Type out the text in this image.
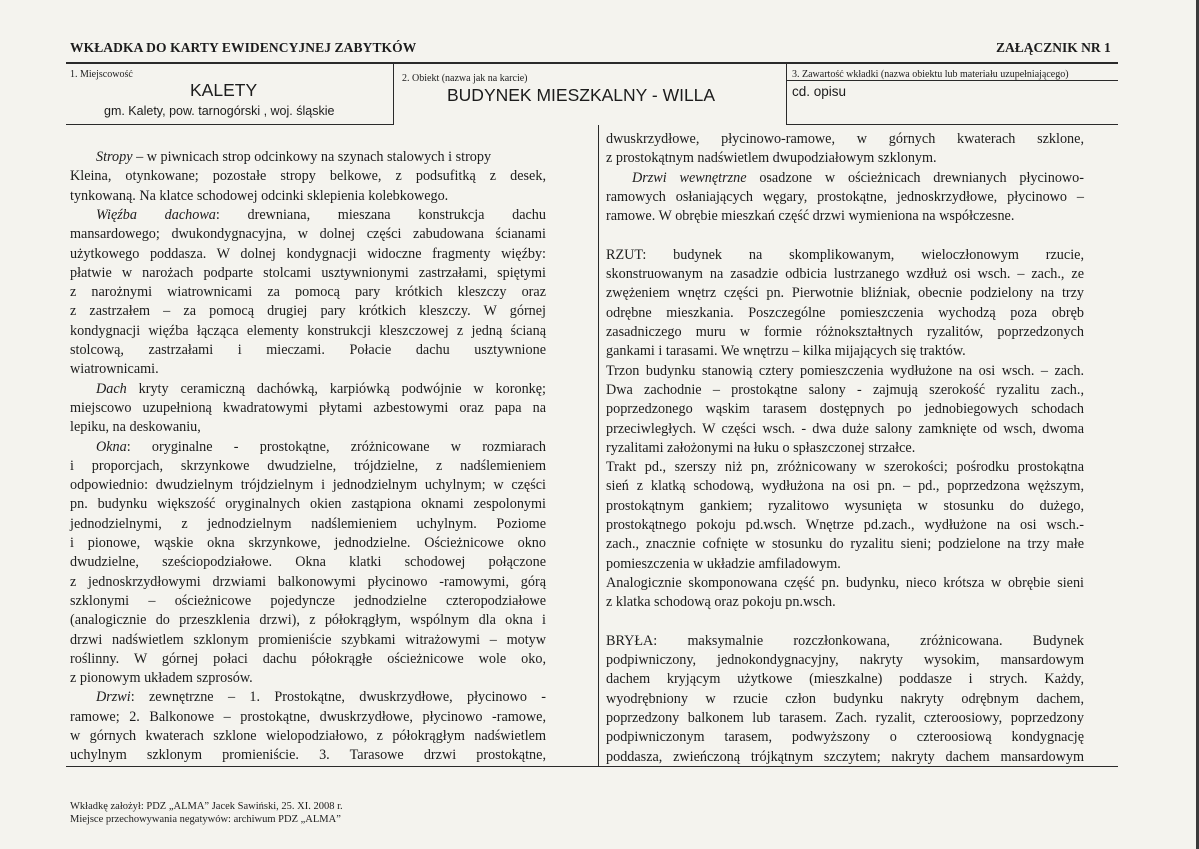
WKŁADKA DO KARTY EWIDENCYJNEJ ZABYTKÓW	ZAŁĄCZNIK NR 1
1. Miejscowość
KALETY
gm. Kalety, pow. tarnogórski , woj. śląskie
2. Obiekt (nazwa jak na karcie)
BUDYNEK MIESZKALNY - WILLA
3. Zawartość wkładki (nazwa obiektu lub materiału uzupełniającego)
cd. opisu
Stropy – w piwnicach strop odcinkowy na szynach stalowych i stropy
Kleina, otynkowane; pozostałe stropy belkowe, z podsufitką z desek,
tynkowaną. Na klatce schodowej odcinki sklepienia kolebkowego.
Więźba dachowa: drewniana, mieszana konstrukcja dachu
mansardowego; dwukondygnacyjna, w dolnej części zabudowana ścianami
użytkowego poddasza. W dolnej kondygnacji widoczne fragmenty więźby:
płatwie w narożach podparte stolcami usztywnionymi zastrzałami, spiętymi
z narożnymi wiatrownicami za pomocą pary krótkich kleszczy oraz
z zastrzałem – za pomocą drugiej pary krótkich kleszczy. W górnej
kondygnacji więźba łącząca elementy konstrukcji kleszczowej z jedną ścianą
stolcową, zastrzałami i mieczami. Połacie dachu usztywnione
wiatrownicami.
Dach kryty ceramiczną dachówką, karpiówką podwójnie w koronkę;
miejscowo uzupełnioną kwadratowymi płytami azbestowymi oraz papa na
lepiku, na deskowaniu,
Okna: oryginalne - prostokątne, zróżnicowane w rozmiarach
i proporcjach, skrzynkowe dwudzielne, trójdzielne, z nadślemieniem
odpowiednio: dwudzielnym trójdzielnym i jednodzielnym uchylnym; w części
pn. budynku większość oryginalnych okien zastąpiona oknami zespolonymi
jednodzielnymi, z jednodzielnym nadślemieniem uchylnym. Poziome
i pionowe, wąskie okna skrzynkowe, jednodzielne. Ościeżnicowe okno
dwudzielne, sześciopodziałowe. Okna klatki schodowej połączone
z jednoskrzydłowymi drzwiami balkonowymi płycinowo -ramowymi, górą
szklonymi – ościeżnicowe pojedyncze jednodzielne czteropodziałowe
(analogicznie do przeszklenia drzwi), z półokrągłym, wspólnym dla okna i
drzwi nadświetlem szklonym promieniście szybkami witrażowymi – motyw
roślinny. W górnej połaci dachu półokrągłe ościeżnicowe wole oko,
z pionowym układem szprosów.
Drzwi: zewnętrzne – 1. Prostokątne, dwuskrzydłowe, płycinowo -
ramowe; 2. Balkonowe – prostokątne, dwuskrzydłowe, płycinowo -ramowe,
w górnych kwaterach szklone wielopodziałowo, z półokrągłym nadświetlem
uchylnym szklonym promieniście. 3. Tarasowe drzwi prostokątne,
dwuskrzydłowe, płycinowo-ramowe, w górnych kwaterach szklone,
z prostokątnym nadświetlem dwupodziałowym szklonym.
Drzwi wewnętrzne osadzone w ościeżnicach drewnianych płycinowo-
ramowych osłaniających węgary, prostokątne, jednoskrzydłowe, płycinowo –
ramowe. W obrębie mieszkań część drzwi wymieniona na współczesne.
RZUT: budynek na skomplikowanym, wieloczłonowym rzucie,
skonstruowanym na zasadzie odbicia lustrzanego wzdłuż osi wsch. – zach., ze
zwężeniem wnętrz części pn. Pierwotnie bliźniak, obecnie podzielony na trzy
odrębne mieszkania. Poszczególne pomieszczenia wychodzą poza obręb
zasadniczego muru w formie różnokształtnych ryzalitów, poprzedzonych
gankami i tarasami. We wnętrzu – kilka mijających się traktów.
Trzon budynku stanowią cztery pomieszczenia wydłużone na osi wsch. – zach.
Dwa zachodnie – prostokątne salony - zajmują szerokość ryzalitu zach.,
poprzedzonego wąskim tarasem dostępnych po jednobiegowych schodach
przeciwległych. W części wsch. - dwa duże salony zamknięte od wsch, dwoma
ryzalitami założonymi na łuku o spłaszczonej strzałce.
Trakt pd., szerszy niż pn, zróżnicowany w szerokości; pośrodku prostokątna
sień z klatką schodową, wydłużona na osi pn. – pd., poprzedzona węższym,
prostokątnym gankiem; ryzalitowo wysunięta w stosunku do dużego,
prostokątnego pokoju pd.wsch. Wnętrze pd.zach., wydłużone na osi wsch.-
zach., znacznie cofnięte w stosunku do ryzalitu sieni; podzielone na trzy małe
pomieszczenia w układzie amfiladowym.
Analogicznie skomponowana część pn. budynku, nieco krótsza w obrębie sieni
z klatka schodową oraz pokoju pn.wsch.
BRYŁA: maksymalnie rozczłonkowana, zróżnicowana. Budynek
podpiwniczony, jednokondygnacyjny, nakryty wysokim, mansardowym
dachem kryjącym użytkowe (mieszkalne) poddasze i strych. Każdy,
wyodrębniony w rzucie człon budynku nakryty odrębnym dachem,
poprzedzony balkonem lub tarasem. Zach. ryzalit, czteroosiowy, poprzedzony
podpiwniczonym tarasem, podwyższony o czteroosiową kondygnację
poddasza, zwieńczoną trójkątnym szczytem; nakryty dachem mansardowym
Wkładkę założył: PDZ „ALMA” Jacek Sawiński, 25. XI. 2008 r.
Miejsce przechowywania negatywów: archiwum PDZ „ALMA”
